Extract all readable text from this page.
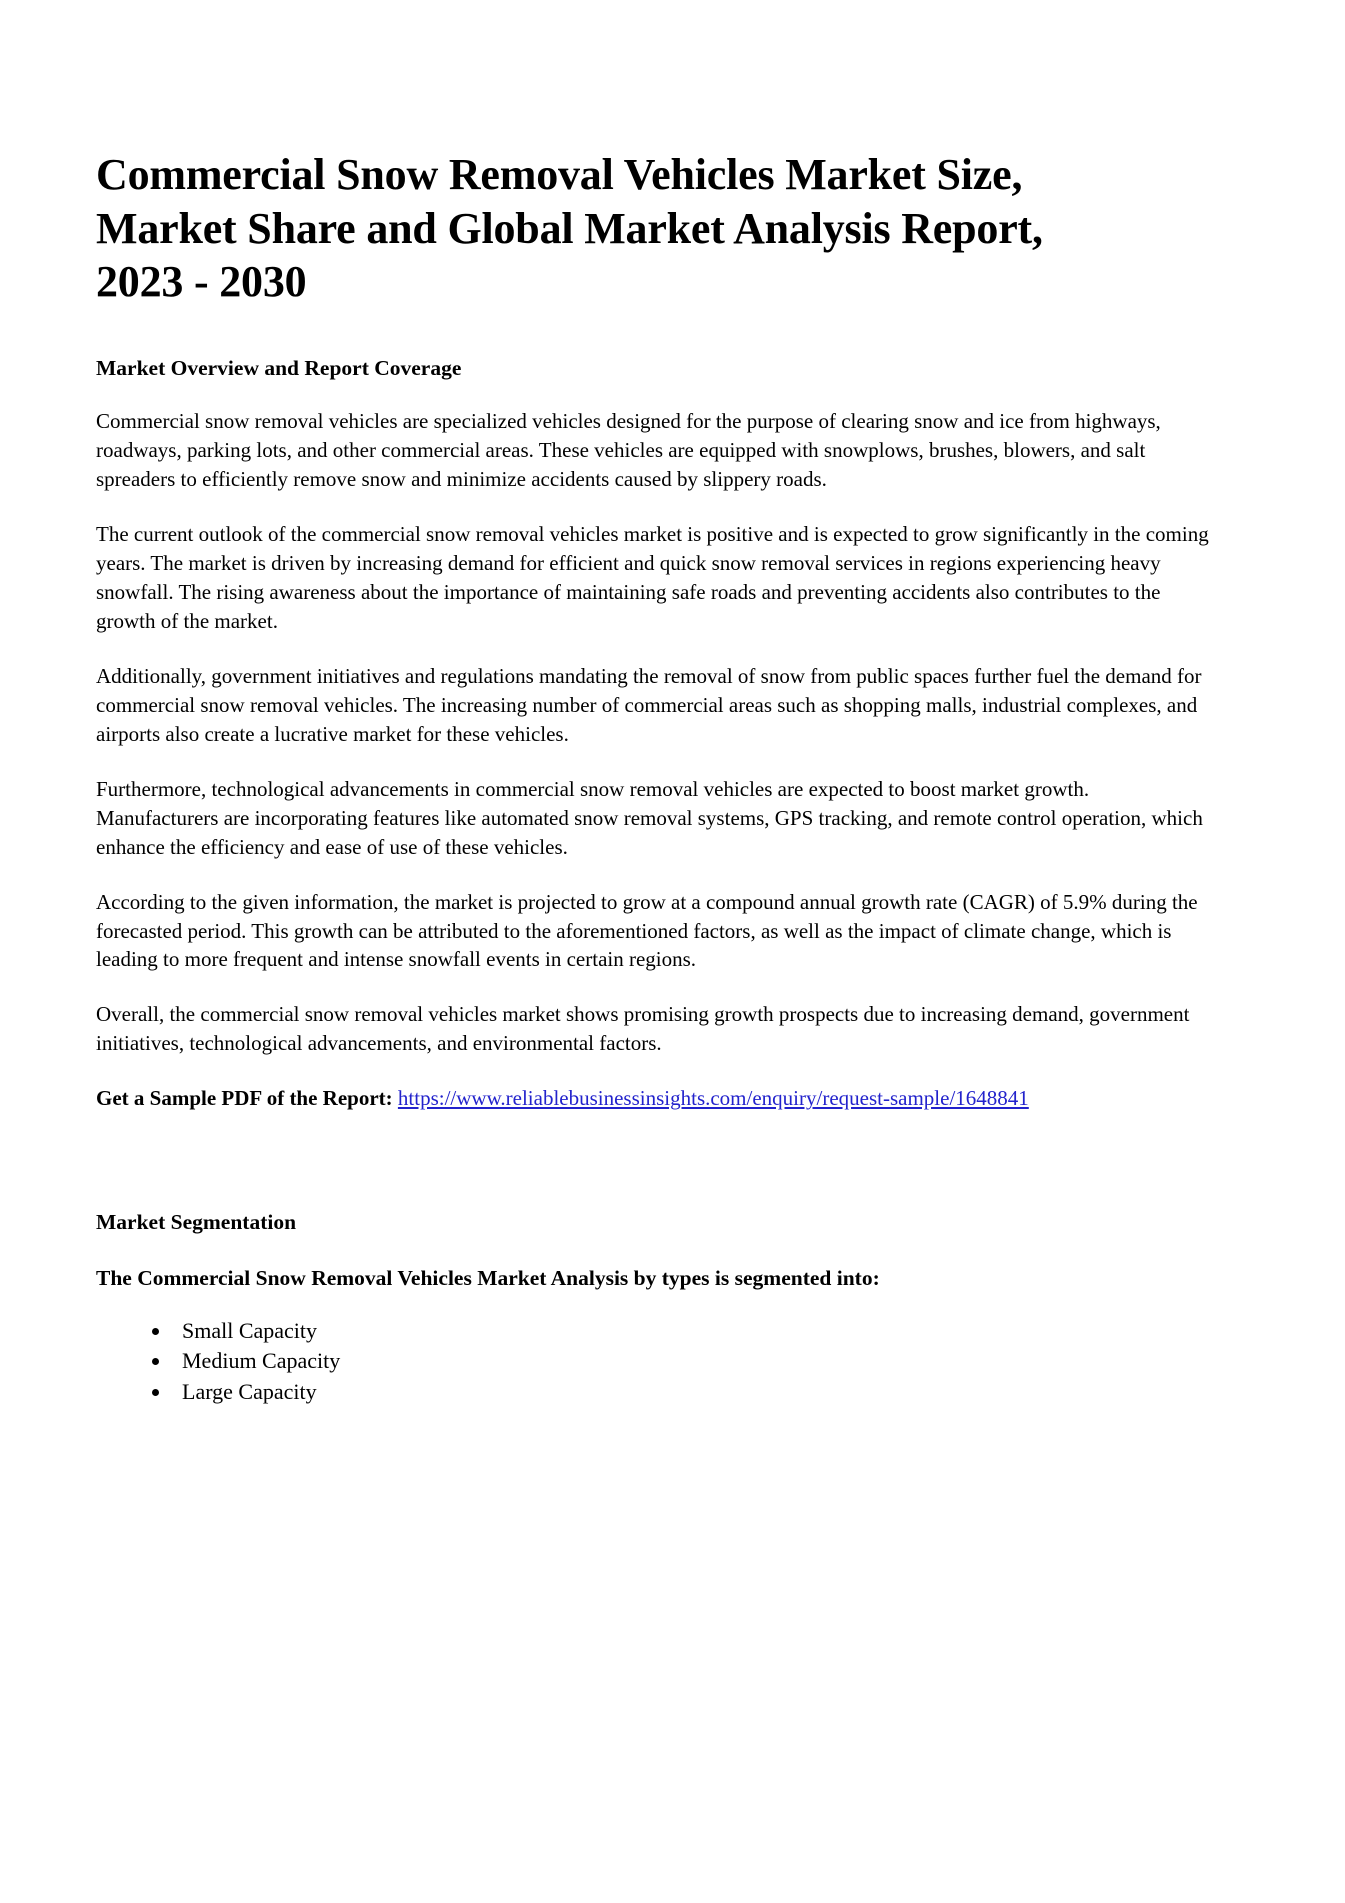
Commercial Snow Removal Vehicles Market Size, Market Share and Global Market Analysis Report, 2023 - 2030
Market Overview and Report Coverage

Commercial snow removal vehicles are specialized vehicles designed for the purpose of clearing snow and ice from highways, roadways, parking lots, and other commercial areas. These vehicles are equipped with snowplows, brushes, blowers, and salt spreaders to efficiently remove snow and minimize accidents caused by slippery roads.

The current outlook of the commercial snow removal vehicles market is positive and is expected to grow significantly in the coming years. The market is driven by increasing demand for efficient and quick snow removal services in regions experiencing heavy snowfall. The rising awareness about the importance of maintaining safe roads and preventing accidents also contributes to the growth of the market.

Additionally, government initiatives and regulations mandating the removal of snow from public spaces further fuel the demand for commercial snow removal vehicles. The increasing number of commercial areas such as shopping malls, industrial complexes, and airports also create a lucrative market for these vehicles.

Furthermore, technological advancements in commercial snow removal vehicles are expected to boost market growth. Manufacturers are incorporating features like automated snow removal systems, GPS tracking, and remote control operation, which enhance the efficiency and ease of use of these vehicles.

According to the given information, the market is projected to grow at a compound annual growth rate (CAGR) of 5.9% during the forecasted period. This growth can be attributed to the aforementioned factors, as well as the impact of climate change, which is leading to more frequent and intense snowfall events in certain regions.

Overall, the commercial snow removal vehicles market shows promising growth prospects due to increasing demand, government initiatives, technological advancements, and environmental factors.

Get a Sample PDF of the Report: https://www.reliablebusinessinsights.com/enquiry/request-sample/1648841

Market Segmentation
The Commercial Snow Removal Vehicles Market Analysis by types is segmented into:
Small Capacity
Medium Capacity
Large Capacity
